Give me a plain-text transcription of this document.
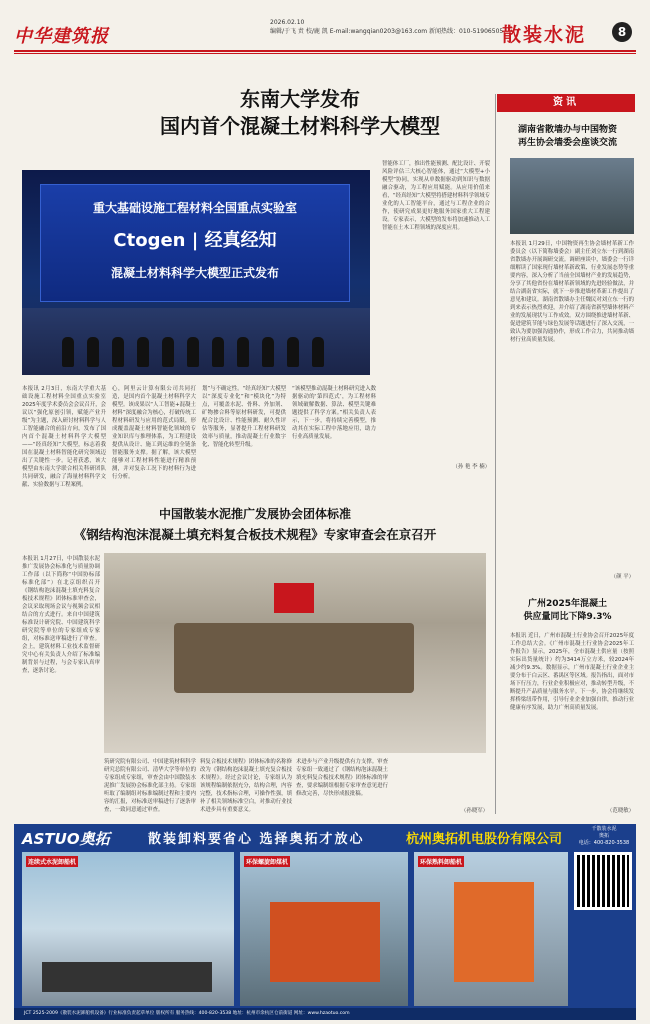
中华建筑报
2026.02.10
编辑/于飞 责 校/鹿 凯 E-mail:wangqian0203@163.com 新闻热线：010-51906505
散装水泥	8
东南大学发布
国内首个混凝土材料科学大模型
智能体工厂，推出性能预测、配比设计、开裂风险评估三大核心智能体，通过“大模型+小模型”协同，实现从单数据驱动到知识与数据融合驱动，为工程应用赋能。从应用价值来看，“经真经知”大模型将搭建材料科学领域专业化的人工智能平台，通过与工程企业的合作，使研究成果更好地服务国家重大工程建设。专家表示，大模型的发布将加速推动人工智能在土木工程领域的深度应用。
重大基础设施工程材料全国重点实验室
Ctogen | 经真经知
混凝土材料科学大模型正式发布
本报讯 2月3日，东南大学重大基础设施工程材料全国重点实验室2025年度学术委员会会议召开，会议以“强化原创引领，赋能产业升级”为主题，深入研讨材料科学与人工智能融合的前沿方向，发布了国内首个混凝土材料科学大模型——“经真经知”大模型，标志着我国在混凝土材料智能化研究领域迈出了关键性一步。记者获悉，该大模型由东南大学联合相关科研团队共同研发，融合了海量材料科学文献、实验数据与工程案例。
心，阿里云计算有限公司共同打造，是国内首个混凝土材料科学大模型。该成果以“人工智能+混凝土材料”深度融合为核心，打破传统工程材料研发与应用的范式局限，形成覆盖混凝土材料智能化领域的专业知识库与推理体系，为工程建设提供从设计、施工到运维的全链条智能服务支撑。据了解，该大模型能够对工程材料性能进行精准预测，并对复杂工况下的材料行为进行分析。
划”与不确定性。“经真经知”大模型以“深度专业化”和“模块化”为特点，可覆盖水泥、骨料、外加剂、矿物掺合料等原材料研发，可提供配合比设计、性能预测、耐久性评估等服务，显著提升工程材料研发效率与质量，推动混凝土行业数字化、智能化转型升级。
“该模型推动混凝土材料研究进入数据驱动的‘第四范式’，为工程材料领域破解数据、算法、模型关键难题提供了科学方案。”相关负责人表示，下一步，将持续完善模型，推动其在实际工程中落地应用，助力行业高质量发展。
（孙 艳 李 楠）
资讯
湖南省散墙办与中国物资
再生协会墙委会座谈交流
本报讯 1月29日，中国物资再生协会墙材革新工作委员会（以下简称墙委会）副主任刘立东一行到湖南省散墙办开展调研交流。调研座谈中，墙委会一行详细解读了国家现行墙材革新政策、行业发展态势等重要内容，深入分析了当前全国墙材产业的发展趋势，分享了其他省份在墙材革新领域的先进经验做法，并结合湖南省实际，就下一步推进墙材革新工作提出了意见和建议。湖南省散墙办主任魏民对刘立东一行的到来表示热烈欢迎，并介绍了湖南省新型墙体材料产业的发展现状与工作成效。双方围绕推进墙材革新、促进建筑节能与绿色发展等话题进行了深入交流，一致认为要加强沟通协作，形成工作合力，共同推动墙材行业高质量发展。
（颜 平）
广州2025年混凝土
供应量同比下降9.3%
本报讯 近日，广州市混凝土行业协会召开2025年度工作总结大会。《广州市混凝土行业协会2025年工作报告》显示，2025年，全市混凝土供应量（按照实际出货量统计）约为3414万立方米，较2024年减少约9.3%。数据显示，广州市混凝土行业企业主要分布于白云区、番禺区等区域。报告指出，面对市场下行压力，行业企业积极应对，推动转型升级，不断提升产品质量与服务水平。下一步，协会将继续发挥桥梁纽带作用，引导行业企业加强自律，推动行业健康有序发展，助力广州高质量发展。
（范晓敏）
中国散装水泥推广发展协会团体标准
《钢结构泡沫混凝土填充料复合板技术规程》专家审查会在京召开
本报讯 1月27日，中国散装水泥推广发展协会标准化与质量协调工作部（以下简称“中国协标部标准化部”）在北京组织召开《钢结构泡沫混凝土填充料复合板技术规程》团体标准审查会，会议采取现场会议与视频会议相结合的方式进行。来自中国建筑标准设计研究院、中国建筑科学研究院等单位的专家组成专家组，对标准送审稿进行了审查。会上，建筑材料工业技术监督研究中心有关负责人介绍了标准编制背景与过程，与会专家认真审查，逐条讨论。
筑研究院有限公司、中国建筑材料科学研究总院有限公司、清华大学等单位的专家组成专家组，审查会由中国散装水泥推广发展协会标准化部主持。专家组听取了编制组对标准编制过程和主要内容的汇报，对标准送审稿进行了逐条审查，一致同意通过审查。
料复合板技术规程》团体标准的名称修改为《钢结构泡沫混凝土填充复合板技术规程》。经过会议讨论，专家组认为该规程编制依据充分，结构合理，内容完整，技术指标合理，可操作性强，填补了相关领域标准空白，对推动行业技术进步具有重要意义。
术进步与产业升级提供有力支撑。审查专家组一致通过了《钢结构泡沫混凝土填充料复合板技术规程》团体标准的审查，要求编制组根据专家审查意见进行修改完善，尽快形成报批稿。
（孙晓军）
ASTUO奥拓	散装卸料要省心 选择奥拓才放心	杭州奥拓机电股份有限公司
千散装水泥
奥拓
电话：400-820-3538
连续式水泥卸船机	环保螺旋卸煤机	环保熟料卸船机
JCT 2525-2009《散装水泥卸船机设备》行业标准负责起草单位 版权所有 服务热线：400-820-3538 地址：杭州市余杭区仓前街道 网址：www.hzaotuo.com
